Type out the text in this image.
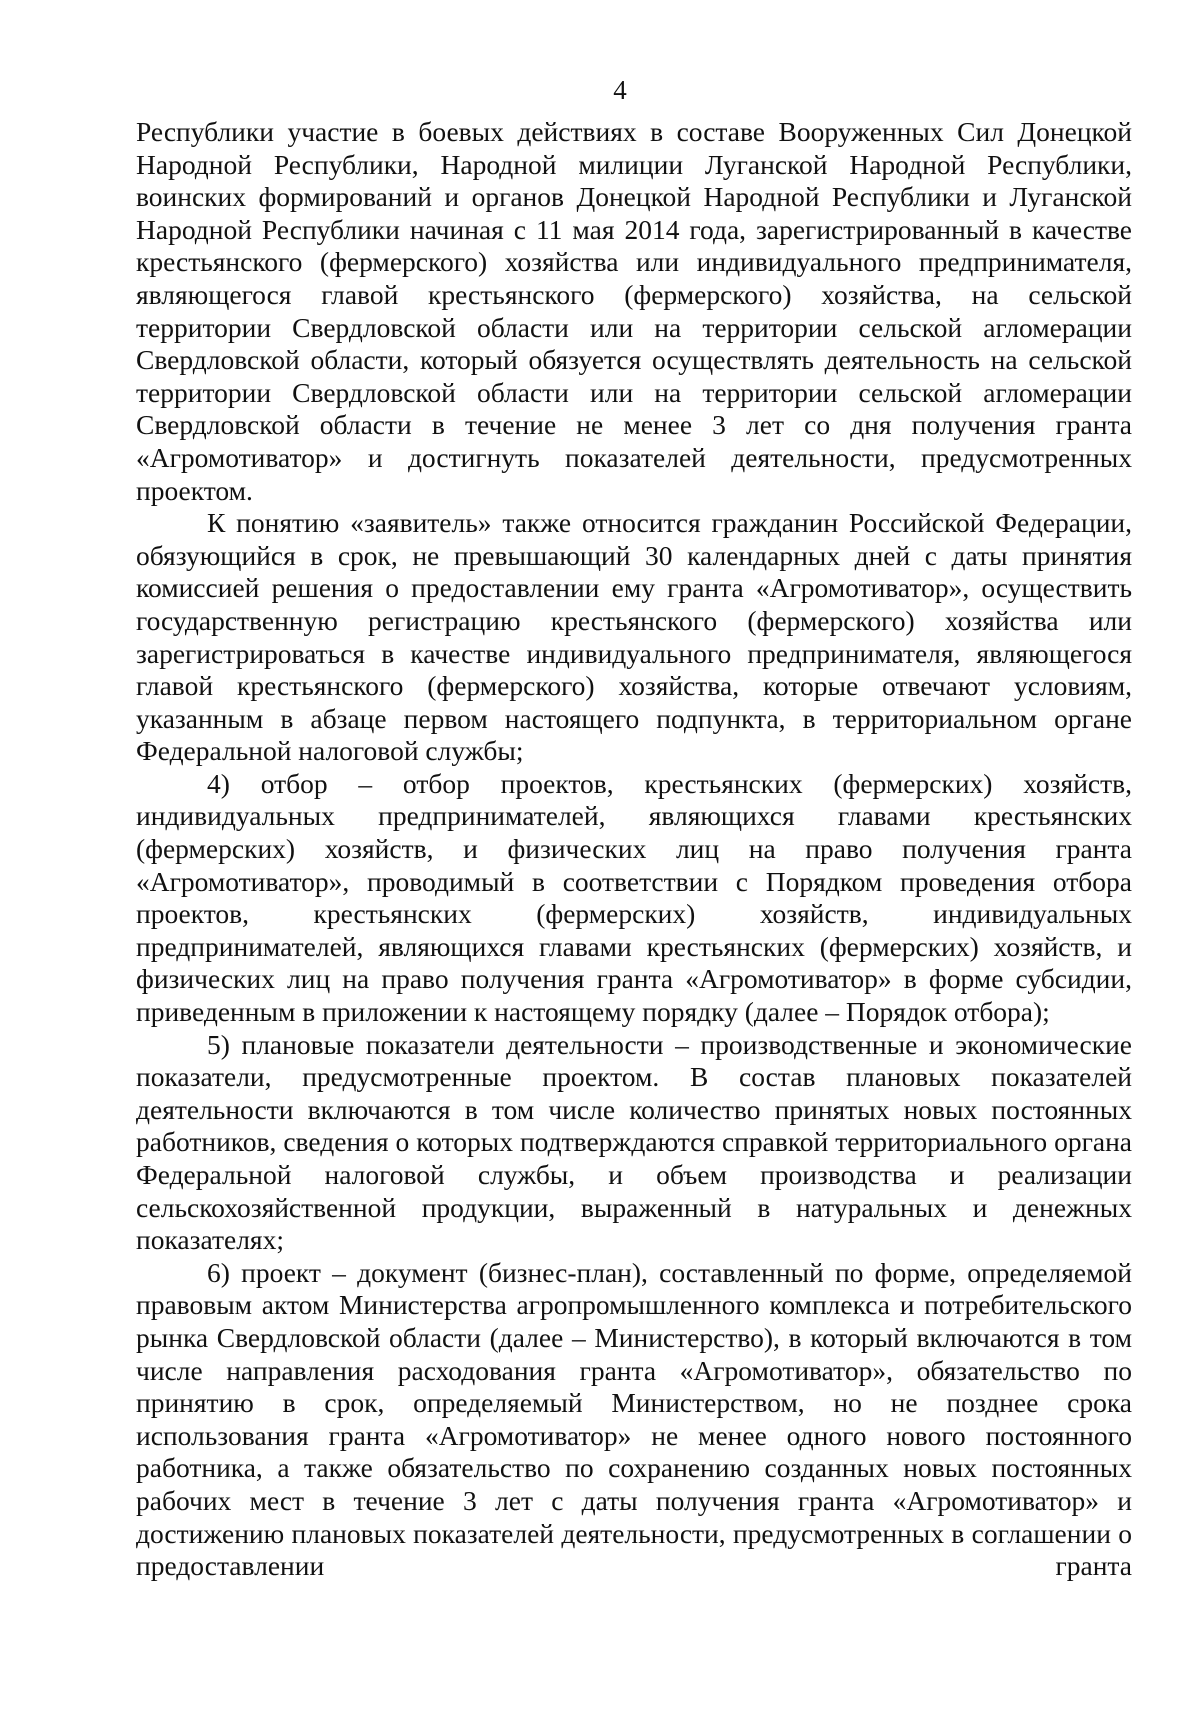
4

Республики участие в боевых действиях в составе Вооруженных Сил Донецкой Народной Республики, Народной милиции Луганской Народной Республики, воинских формирований и органов Донецкой Народной Республики и Луганской Народной Республики начиная с 11 мая 2014 года, зарегистрированный в качестве крестьянского (фермерского) хозяйства или индивидуального предпринимателя, являющегося главой крестьянского (фермерского) хозяйства, на сельской территории Свердловской области или на территории сельской агломерации Свердловской области, который обязуется осуществлять деятельность на сельской территории Свердловской области или на территории сельской агломерации Свердловской области в течение не менее 3 лет со дня получения гранта «Агромотиватор» и достигнуть показателей деятельности, предусмотренных проектом.

К понятию «заявитель» также относится гражданин Российской Федерации, обязующийся в срок, не превышающий 30 календарных дней с даты принятия комиссией решения о предоставлении ему гранта «Агромотиватор», осуществить государственную регистрацию крестьянского (фермерского) хозяйства или зарегистрироваться в качестве индивидуального предпринимателя, являющегося главой крестьянского (фермерского) хозяйства, которые отвечают условиям, указанным в абзаце первом настоящего подпункта, в территориальном органе Федеральной налоговой службы;

4) отбор – отбор проектов, крестьянских (фермерских) хозяйств, индивидуальных предпринимателей, являющихся главами крестьянских (фермерских) хозяйств, и физических лиц на право получения гранта «Агромотиватор», проводимый в соответствии с Порядком проведения отбора проектов, крестьянских (фермерских) хозяйств, индивидуальных предпринимателей, являющихся главами крестьянских (фермерских) хозяйств, и физических лиц на право получения гранта «Агромотиватор» в форме субсидии, приведенным в приложении к настоящему порядку (далее – Порядок отбора);

5) плановые показатели деятельности – производственные и экономические показатели, предусмотренные проектом. В состав плановых показателей деятельности включаются в том числе количество принятых новых постоянных работников, сведения о которых подтверждаются справкой территориального органа Федеральной налоговой службы, и объем производства и реализации сельскохозяйственной продукции, выраженный в натуральных и денежных показателях;

6) проект – документ (бизнес-план), составленный по форме, определяемой правовым актом Министерства агропромышленного комплекса и потребительского рынка Свердловской области (далее – Министерство), в который включаются в том числе направления расходования гранта «Агромотиватор», обязательство по принятию в срок, определяемый Министерством, но не позднее срока использования гранта «Агромотиватор» не менее одного нового постоянного работника, а также обязательство по сохранению созданных новых постоянных рабочих мест в течение 3 лет с даты получения гранта «Агромотиватор» и достижению плановых показателей деятельности, предусмотренных в соглашении о предоставлении гранта
